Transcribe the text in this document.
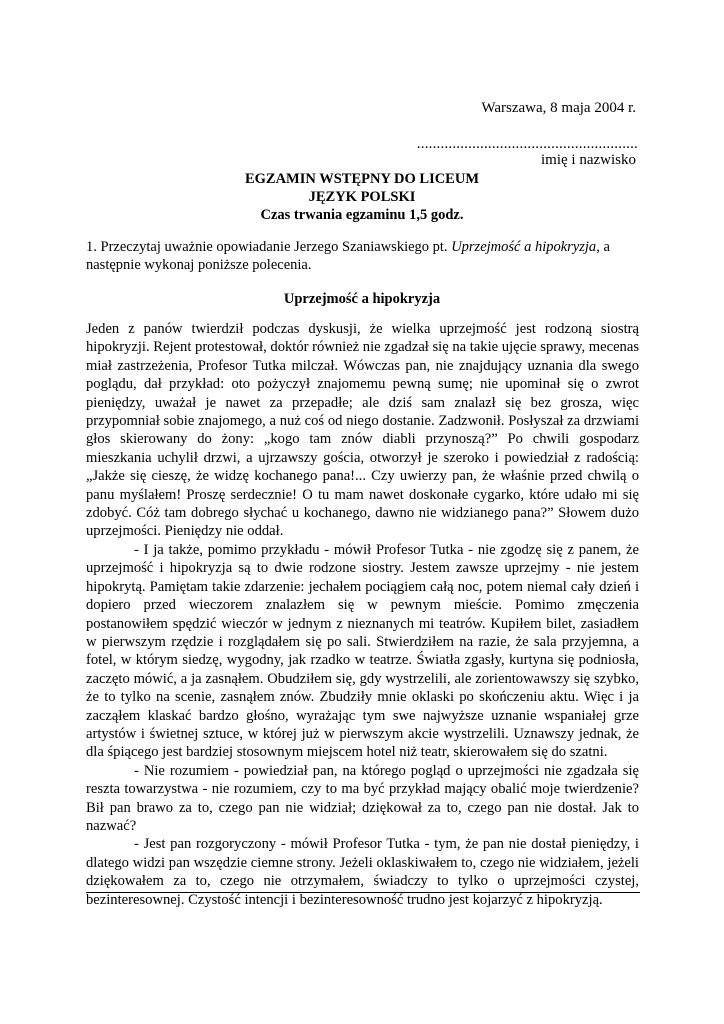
Warszawa, 8 maja 2004 r.
........................................................
imię i nazwisko
EGZAMIN WSTĘPNY DO LICEUM
JĘZYK POLSKI
Czas trwania egzaminu 1,5 godz.
1. Przeczytaj uważnie opowiadanie Jerzego Szaniawskiego pt. Uprzejmość a hipokryzja, a następnie wykonaj poniższe polecenia.
Uprzejmość a hipokryzja

Jeden z panów twierdził podczas dyskusji, że wielka uprzejmość jest rodzoną siostrą hipokryzji. Rejent protestował, doktór również nie zgadzał się na takie ujęcie sprawy, mecenas miał zastrzeżenia, Profesor Tutka milczał. Wówczas pan, nie znajdujący uznania dla swego poglądu, dał przykład: oto pożyczył znajomemu pewną sumę; nie upominał się o zwrot pieniędzy, uważał je nawet za przepadłe; ale dziś sam znalazł się bez grosza, więc przypomniał sobie znajomego, a nuż coś od niego dostanie. Zadzwonił. Posłyszał za drzwiami głos skierowany do żony: „kogo tam znów diabli przynoszą?” Po chwili gospodarz mieszkania uchylił drzwi, a ujrzawszy gościa, otworzył je szeroko i powiedział z radością: „Jakże się cieszę, że widzę kochanego pana!... Czy uwierzy pan, że właśnie przed chwilą o panu myślałem! Proszę serdecznie! O tu mam nawet doskonałe cygarko, które udało mi się zdobyć. Cóż tam dobrego słychać u kochanego, dawno nie widzianego pana?” Słowem dużo uprzejmości. Pieniędzy nie oddał.

- I ja także, pomimo przykładu - mówił Profesor Tutka - nie zgodzę się z panem, że uprzejmość i hipokryzja są to dwie rodzone siostry. Jestem zawsze uprzejmy - nie jestem hipokrytą. Pamiętam takie zdarzenie: jechałem pociągiem całą noc, potem niemal cały dzień i dopiero przed wieczorem znalazłem się w pewnym mieście. Pomimo zmęczenia postanowiłem spędzić wieczór w jednym z nieznanych mi teatrów. Kupiłem bilet, zasiadłem w pierwszym rzędzie i rozglądałem się po sali. Stwierdziłem na razie, że sala przyjemna, a fotel, w którym siedzę, wygodny, jak rzadko w teatrze. Światła zgasły, kurtyna się podniosła, zaczęto mówić, a ja zasnąłem. Obudziłem się, gdy wystrzelili, ale zorientowawszy się szybko, że to tylko na scenie, zasnąłem znów. Zbudziły mnie oklaski po skończeniu aktu. Więc i ja zacząłem klaskać bardzo głośno, wyrażając tym swe najwyższe uznanie wspaniałej grze artystów i świetnej sztuce, w której już w pierwszym akcie wystrzelili. Uznawszy jednak, że dla śpiącego jest bardziej stosownym miejscem hotel niż teatr, skierowałem się do szatni.

- Nie rozumiem - powiedział pan, na którego pogląd o uprzejmości nie zgadzała się reszta towarzystwa - nie rozumiem, czy to ma być przykład mający obalić moje twierdzenie? Bił pan brawo za to, czego pan nie widział; dziękował za to, czego pan nie dostał. Jak to nazwać?

- Jest pan rozgoryczony - mówił Profesor Tutka - tym, że pan nie dostał pieniędzy, i dlatego widzi pan wszędzie ciemne strony. Jeżeli oklaskiwałem to, czego nie widziałem, jeżeli dziękowałem za to, czego nie otrzymałem, świadczy to tylko o uprzejmości czystej, bezinteresownej. Czystość intencji i bezinteresowność trudno jest kojarzyć z hipokryzją.
